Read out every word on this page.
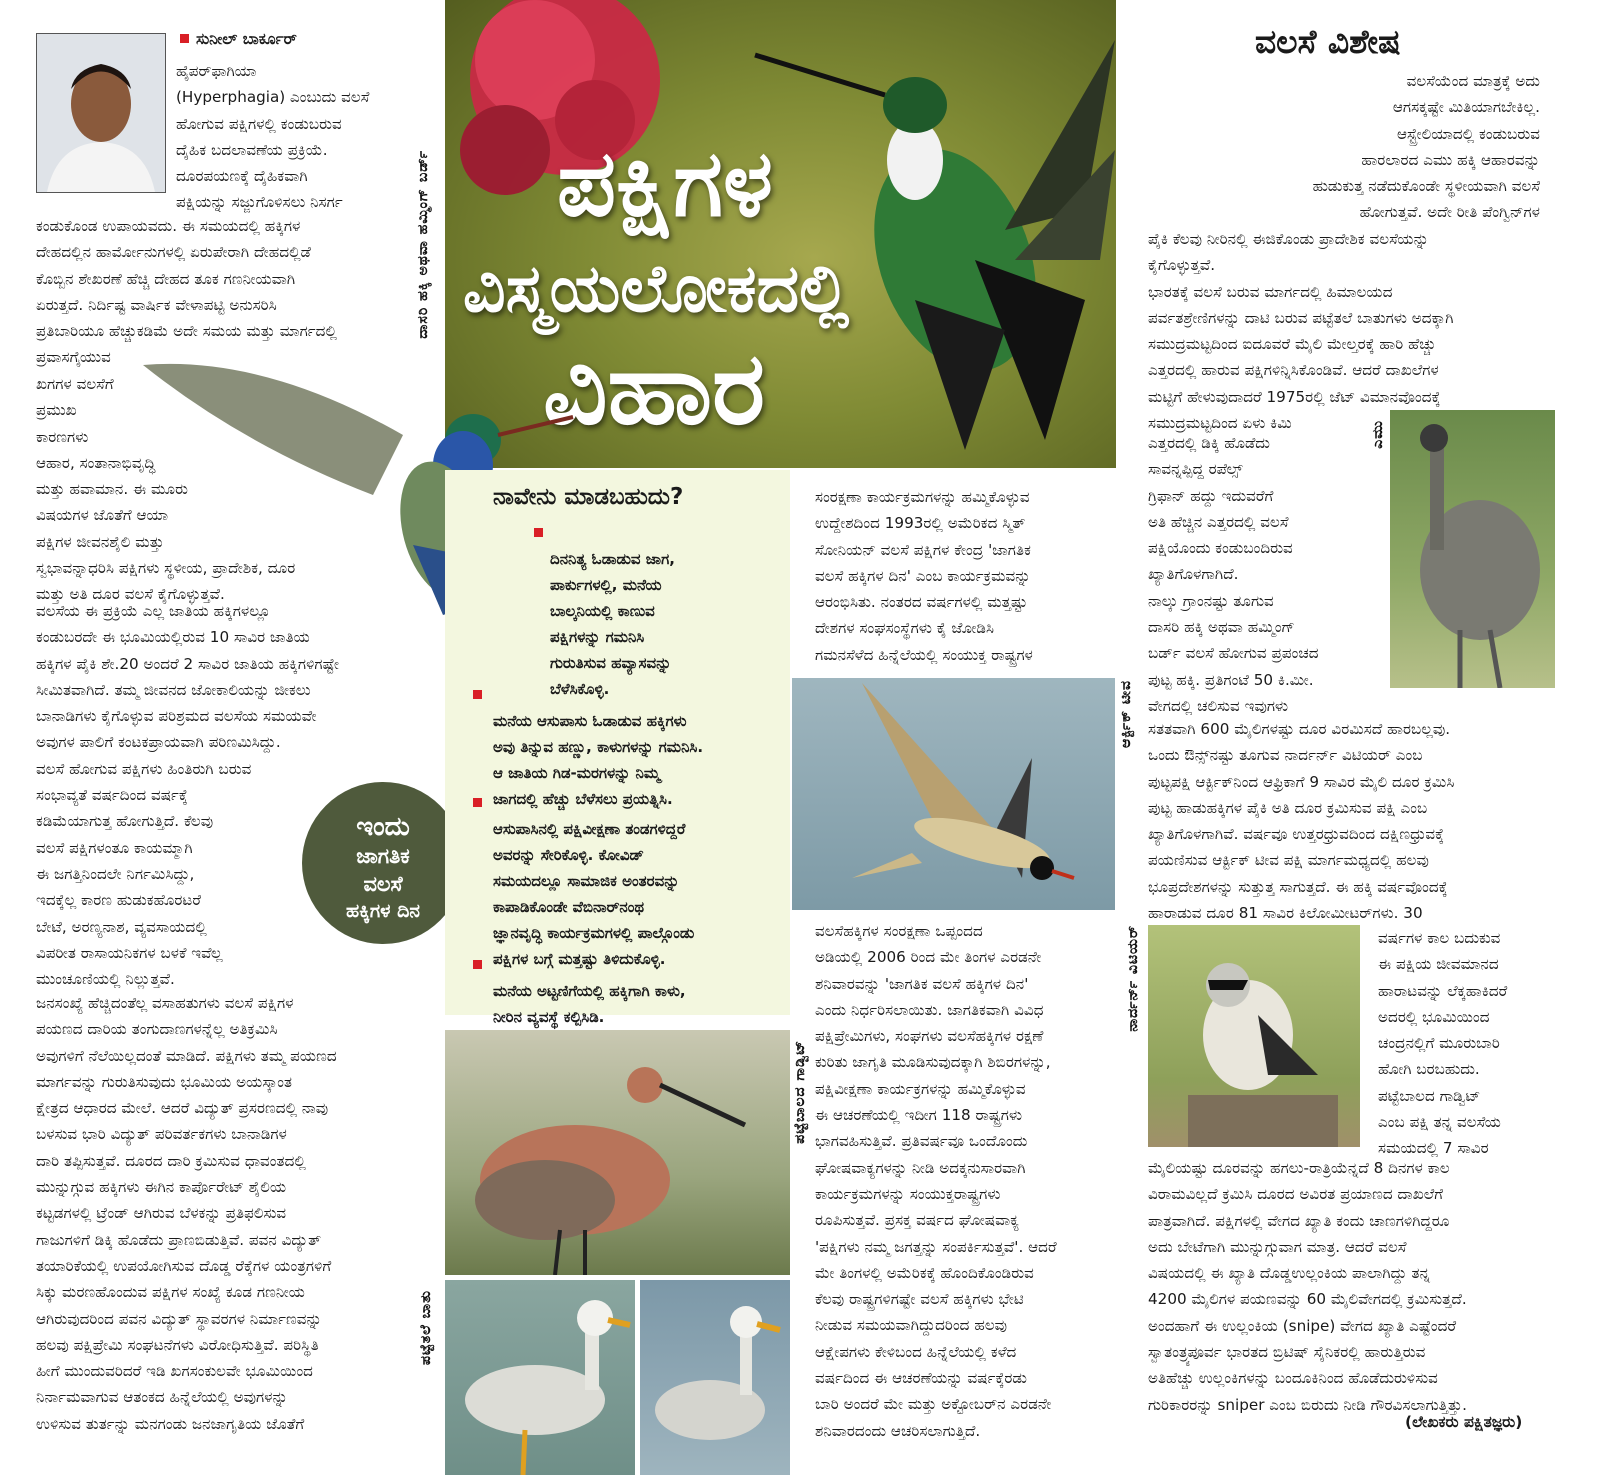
ಪಕ್ಷಿಗಳ
ವಿಸ್ಮಯಲೋಕದಲ್ಲಿ
ವಿಹಾರ
ದಾಸರಿ ಹಕ್ಕಿ ಅಥವಾ ಹಮ್ಮಿಂಗ್ ಬರ್ಡ್
ಸುನೀಲ್ ಬಾರ್ಕೂರ್

ಹೈಪರ್‌ಫಾಗಿಯಾ
(Hyperphagia) ಎಂಬುದು ವಲಸೆ
ಹೋಗುವ ಪಕ್ಷಿಗಳಲ್ಲಿ ಕಂಡುಬರುವ
ದೈಹಿಕ ಬದಲಾವಣೆಯ ಪ್ರಕ್ರಿಯೆ.
ದೂರಪಯಣಕ್ಕೆ ದೈಹಿಕವಾಗಿ
ಪಕ್ಷಿಯನ್ನು ಸಜ್ಜುಗೊಳಿಸಲು ನಿಸರ್ಗ

ಕಂಡುಕೊಂಡ ಉಪಾಯವದು. ಈ ಸಮಯದಲ್ಲಿ ಹಕ್ಕಿಗಳ
ದೇಹದಲ್ಲಿನ ಹಾರ್ಮೋನುಗಳಲ್ಲಿ ಏರುಪೇರಾಗಿ ದೇಹದಲ್ಲಿಡೆ
ಕೊಬ್ಬಿನ ಶೇಖರಣೆ ಹೆಚ್ಚಿ ದೇಹದ ತೂಕ ಗಣನೀಯವಾಗಿ
ಏರುತ್ತದೆ. ನಿರ್ದಿಷ್ಟ ವಾರ್ಷಿಕ ವೇಳಾಪಟ್ಟಿ ಅನುಸರಿಸಿ
ಪ್ರತಿಬಾರಿಯೂ ಹೆಚ್ಚುಕಡಿಮೆ ಅದೇ ಸಮಯ ಮತ್ತು ಮಾರ್ಗದಲ್ಲಿ
ಪ್ರವಾಸಗೈಯುವ

ಖಗಗಳ ವಲಸೆಗೆ
ಪ್ರಮುಖ
ಕಾರಣಗಳು
ಆಹಾರ, ಸಂತಾನಾಭಿವೃದ್ಧಿ
ಮತ್ತು ಹವಾಮಾನ. ಈ ಮೂರು
ವಿಷಯಗಳ ಜೊತೆಗೆ ಆಯಾ
ಪಕ್ಷಿಗಳ ಜೀವನಶೈಲಿ ಮತ್ತು
ಸ್ವಭಾವನ್ನಾಧರಿಸಿ ಪಕ್ಷಿಗಳು ಸ್ಥಳೀಯ, ಪ್ರಾದೇಶಿಕ, ದೂರ
ಮತ್ತು ಅತಿ ದೂರ ವಲಸೆ ಕೈಗೊಳ್ಳುತ್ತವೆ.

ವಲಸೆಯ ಈ ಪ್ರಕ್ರಿಯೆ ಎಲ್ಲ ಜಾತಿಯ ಹಕ್ಕಿಗಳಲ್ಲೂ
ಕಂಡುಬರದೇ ಈ ಭೂಮಿಯಲ್ಲಿರುವ 10 ಸಾವಿರ ಜಾತಿಯ
ಹಕ್ಕಿಗಳ ಪೈಕಿ ಶೇ.20 ಅಂದರೆ 2 ಸಾವಿರ ಜಾತಿಯ ಹಕ್ಕಿಗಳಿಗಷ್ಟೇ
ಸೀಮಿತವಾಗಿದೆ. ತಮ್ಮ ಜೀವನದ ಜೋಕಾಲಿಯನ್ನು ಜೀಕಲು
ಬಾನಾಡಿಗಳು ಕೈಗೊಳ್ಳುವ ಪರಿಶ್ರಮದ ವಲಸೆಯ ಸಮಯವೇ
ಅವುಗಳ ಪಾಲಿಗೆ ಕಂಟಕಪ್ರಾಯವಾಗಿ ಪರಿಣಮಿಸಿದ್ದು.
ವಲಸೆ ಹೋಗುವ ಪಕ್ಷಿಗಳು ಹಿಂತಿರುಗಿ ಬರುವ
ಸಂಭಾವ್ಯತೆ ವರ್ಷದಿಂದ ವರ್ಷಕ್ಕೆ
ಕಡಿಮೆಯಾಗುತ್ತ ಹೋಗುತ್ತಿದೆ. ಕೆಲವು
ವಲಸೆ ಪಕ್ಷಿಗಳಂತೂ ಕಾಯಮ್ಮಾಗಿ
ಈ ಜಗತ್ತಿನಿಂದಲೇ ನಿರ್ಗಮಿಸಿದ್ದು,
ಇದಕ್ಕೆಲ್ಲ ಕಾರಣ ಹುಡುಕಹೊರಟರೆ
ಬೇಟೆ, ಅರಣ್ಯನಾಶ, ವ್ಯವಸಾಯದಲ್ಲಿ
ವಿಪರೀತ ರಾಸಾಯನಿಕಗಳ ಬಳಕೆ ಇವೆಲ್ಲ
ಮುಂಚೂಣಿಯಲ್ಲಿ ನಿಲ್ಲುತ್ತವೆ.

ಜನಸಂಖ್ಯೆ ಹೆಚ್ಚಿದಂತೆಲ್ಲ ವಸಾಹತುಗಳು ವಲಸೆ ಪಕ್ಷಿಗಳ
ಪಯಣದ ದಾರಿಯ ತಂಗುದಾಣಗಳನ್ನೆಲ್ಲ ಅತಿಕ್ರಮಿಸಿ
ಅವುಗಳಿಗೆ ನೆಲೆಯಿಲ್ಲದಂತೆ ಮಾಡಿದೆ. ಪಕ್ಷಿಗಳು ತಮ್ಮ ಪಯಣದ
ಮಾರ್ಗವನ್ನು ಗುರುತಿಸುವುದು ಭೂಮಿಯ ಅಯಸ್ಕಾಂತ
ಕ್ಷೇತ್ರದ ಆಧಾರದ ಮೇಲೆ. ಆದರೆ ವಿದ್ಯುತ್ ಪ್ರಸರಣದಲ್ಲಿ ನಾವು
ಬಳಸುವ ಭಾರಿ ವಿದ್ಯುತ್ ಪರಿವರ್ತಕಗಳು ಬಾನಾಡಿಗಳ
ದಾರಿ ತಪ್ಪಿಸುತ್ತವೆ. ದೂರದ ದಾರಿ ಕ್ರಮಿಸುವ ಧಾವಂತದಲ್ಲಿ
ಮುನ್ನುಗ್ಗುವ ಹಕ್ಕಿಗಳು ಈಗಿನ ಕಾರ್ಪೊರೇಟ್ ಶೈಲಿಯ
ಕಟ್ಟಡಗಳಲ್ಲಿ ಟ್ರೆಂಡ್ ಆಗಿರುವ ಬೆಳಕನ್ನು ಪ್ರತಿಫಲಿಸುವ
ಗಾಜುಗಳಿಗೆ ಡಿಕ್ಕಿ ಹೊಡೆದು ಪ್ರಾಣಬಿಡುತ್ತಿವೆ. ಪವನ ವಿದ್ಯುತ್
ತಯಾರಿಕೆಯಲ್ಲಿ ಉಪಯೋಗಿಸುವ ದೊಡ್ಡ ರೆಕ್ಕೆಗಳ ಯಂತ್ರಗಳಿಗೆ
ಸಿಕ್ಕು ಮರಣಹೊಂದುವ ಪಕ್ಷಿಗಳ ಸಂಖ್ಯೆ ಕೂಡ ಗಣನೀಯ
ಆಗಿರುವುದರಿಂದ ಪವನ ವಿದ್ಯುತ್ ಸ್ಥಾವರಗಳ ನಿರ್ಮಾಣವನ್ನು
ಹಲವು ಪಕ್ಷಿಪ್ರೇಮಿ ಸಂಘಟನೆಗಳು ವಿರೋಧಿಸುತ್ತಿವೆ. ಪರಿಸ್ಥಿತಿ
ಹೀಗೆ ಮುಂದುವರಿದರೆ ಇಡಿ ಖಗಸಂಕುಲವೇ ಭೂಮಿಯಿಂದ
ನಿರ್ನಾಮವಾಗುವ ಆತಂಕದ ಹಿನ್ನೆಲೆಯಲ್ಲಿ ಅವುಗಳನ್ನು
ಉಳಿಸುವ ತುರ್ತನ್ನು ಮನಗಂಡು ಜನಜಾಗೃತಿಯ ಜೊತೆಗೆ

ಇಂದು
ಜಾಗತಿಕ
ವಲಸೆ
ಹಕ್ಕಿಗಳ ದಿನ
ನಾವೇನು ಮಾಡಬಹುದು?

ದಿನನಿತ್ಯ ಓಡಾಡುವ ಜಾಗ,
ಪಾರ್ಕುಗಳಲ್ಲಿ, ಮನೆಯ
ಬಾಲ್ಕನಿಯಲ್ಲಿ ಕಾಣುವ
ಪಕ್ಷಿಗಳನ್ನು ಗಮನಿಸಿ
ಗುರುತಿಸುವ ಹವ್ಯಾಸವನ್ನು
ಬೆಳೆಸಿಕೊಳ್ಳಿ.

ಮನೆಯ ಆಸುಪಾಸು ಓಡಾಡುವ ಹಕ್ಕಿಗಳು
ಅವು ತಿನ್ನುವ ಹಣ್ಣು, ಕಾಳುಗಳನ್ನು ಗಮನಿಸಿ.
ಆ ಜಾತಿಯ ಗಿಡ-ಮರಗಳನ್ನು ನಿಮ್ಮ
ಜಾಗದಲ್ಲಿ ಹೆಚ್ಚು ಬೆಳೆಸಲು ಪ್ರಯತ್ನಿಸಿ.

ಆಸುಪಾಸಿನಲ್ಲಿ ಪಕ್ಷಿವೀಕ್ಷಣಾ ತಂಡಗಳಿದ್ದರೆ
ಅವರನ್ನು ಸೇರಿಕೊಳ್ಳಿ. ಕೋವಿಡ್
ಸಮಯದಲ್ಲೂ ಸಾಮಾಜಿಕ ಅಂತರವನ್ನು
ಕಾಪಾಡಿಕೊಂಡೇ ವೆಬಿನಾರ್‌ನಂಥ
ಜ್ಞಾನವೃದ್ಧಿ ಕಾರ್ಯಕ್ರಮಗಳಲ್ಲಿ ಪಾಲ್ಗೊಂಡು
ಪಕ್ಷಿಗಳ ಬಗ್ಗೆ ಮತ್ತಷ್ಟು ತಿಳಿದುಕೊಳ್ಳಿ.

ಮನೆಯ ಅಟ್ಟಣಿಗೆಯಲ್ಲಿ ಹಕ್ಕಿಗಾಗಿ ಕಾಳು,
ನೀರಿನ ವ್ಯವಸ್ಥೆ ಕಲ್ಪಿಸಿಡಿ.

ಪಟ್ಟೆತಲೆ ಬಾತು
ಪಟ್ಟೆಬಾಲದ ಗಾಡ್ವಿಟ್

ಸಂರಕ್ಷಣಾ ಕಾರ್ಯಕ್ರಮಗಳನ್ನು ಹಮ್ಮಿಕೊಳ್ಳುವ
ಉದ್ದೇಶದಿಂದ 1993ರಲ್ಲಿ ಅಮೆರಿಕದ ಸ್ಮಿತ್
ಸೋನಿಯನ್ ವಲಸೆ ಪಕ್ಷಿಗಳ ಕೇಂದ್ರ 'ಜಾಗತಿಕ
ವಲಸೆ ಹಕ್ಕಿಗಳ ದಿನ' ಎಂಬ ಕಾರ್ಯಕ್ರಮವನ್ನು
ಆರಂಭಿಸಿತು. ನಂತರದ ವರ್ಷಗಳಲ್ಲಿ ಮತ್ತಷ್ಟು
ದೇಶಗಳ ಸಂಘಸಂಸ್ಥೆಗಳು ಕೈ ಜೋಡಿಸಿ
ಗಮನಸೆಳೆದ ಹಿನ್ನೆಲೆಯಲ್ಲಿ ಸಂಯುಕ್ತ ರಾಷ್ಟ್ರಗಳ

ಆರ್ಕ್ಟಿಕ್ ಟೀವ

ವಲಸೆಹಕ್ಕಿಗಳ ಸಂರಕ್ಷಣಾ ಒಪ್ಪಂದದ
ಅಡಿಯಲ್ಲಿ 2006 ರಿಂದ ಮೇ ತಿಂಗಳ ಎರಡನೇ
ಶನಿವಾರವನ್ನು 'ಜಾಗತಿಕ ವಲಸೆ ಹಕ್ಕಿಗಳ ದಿನ'
ಎಂದು ನಿರ್ಧರಿಸಲಾಯಿತು. ಜಾಗತಿಕವಾಗಿ ವಿವಿಧ
ಪಕ್ಷಿಪ್ರೇಮಿಗಳು, ಸಂಘಗಳು ವಲಸೆಹಕ್ಕಿಗಳ ರಕ್ಷಣೆ
ಕುರಿತು ಜಾಗೃತಿ ಮೂಡಿಸುವುದಕ್ಕಾಗಿ ಶಿಬಿರಗಳನ್ನು,
ಪಕ್ಷಿವೀಕ್ಷಣಾ ಕಾರ್ಯಕ್ರಗಳನ್ನು ಹಮ್ಮಿಕೊಳ್ಳುವ
ಈ ಆಚರಣೆಯಲ್ಲಿ ಇದೀಗ 118 ರಾಷ್ಟ್ರಗಳು
ಭಾಗವಹಿಸುತ್ತಿವೆ. ಪ್ರತಿವರ್ಷವೂ ಒಂದೊಂದು
ಘೋಷವಾಕ್ಯಗಳನ್ನು ನೀಡಿ ಅದಕ್ಕನುಸಾರವಾಗಿ
ಕಾರ್ಯಕ್ರಮಗಳನ್ನು ಸಂಯುಕ್ತರಾಷ್ಟ್ರಗಳು
ರೂಪಿಸುತ್ತವೆ. ಪ್ರಸಕ್ತ ವರ್ಷದ ಘೋಷವಾಕ್ಯ
'ಪಕ್ಷಿಗಳು ನಮ್ಮ ಜಗತ್ತನ್ನು ಸಂಪರ್ಕಿಸುತ್ತವೆ'. ಆದರೆ
ಮೇ ತಿಂಗಳಲ್ಲಿ ಅಮೆರಿಕಕ್ಕೆ ಹೊಂದಿಕೊಂಡಿರುವ
ಕೆಲವು ರಾಷ್ಟ್ರಗಳಿಗಷ್ಟೇ ವಲಸೆ ಹಕ್ಕಿಗಳು ಭೇಟಿ
ನೀಡುವ ಸಮಯವಾಗಿದ್ದುದರಿಂದ ಹಲವು
ಆಕ್ಷೇಪಗಳು ಕೇಳಿಬಂದ ಹಿನ್ನೆಲೆಯಲ್ಲಿ ಕಳೆದ
ವರ್ಷದಿಂದ ಈ ಆಚರಣೆಯನ್ನು ವರ್ಷಕ್ಕೆರಡು
ಬಾರಿ ಅಂದರೆ ಮೇ ಮತ್ತು ಅಕ್ಟೋಬರ್‌ನ ಎರಡನೇ
ಶನಿವಾರದಂದು ಆಚರಿಸಲಾಗುತ್ತಿದೆ.

ವಲಸೆ ವಿಶೇಷ

ವಲಸೆಯೆಂದ ಮಾತ್ರಕ್ಕೆ ಅದು
ಆಗಸಕ್ಕಷ್ಟೇ ಮಿತಿಯಾಗಬೇಕಿಲ್ಲ.
ಆಸ್ಟ್ರೇಲಿಯಾದಲ್ಲಿ ಕಂಡುಬರುವ
ಹಾರಲಾರದ ಎಮು ಹಕ್ಕಿ ಆಹಾರವನ್ನು
ಹುಡುಕುತ್ತ ನಡೆದುಕೊಂಡೇ ಸ್ಥಳೀಯವಾಗಿ ವಲಸೆ
ಹೋಗುತ್ತವೆ. ಅದೇ ರೀತಿ ಪೆಂಗ್ವಿನ್‌ಗಳ

ಪೈಕಿ ಕೆಲವು ನೀರಿನಲ್ಲಿ ಈಜಿಕೊಂಡು ಪ್ರಾದೇಶಿಕ ವಲಸೆಯನ್ನು
ಕೈಗೊಳ್ಳುತ್ತವೆ.
ಭಾರತಕ್ಕೆ ವಲಸೆ ಬರುವ ಮಾರ್ಗದಲ್ಲಿ ಹಿಮಾಲಯದ
ಪರ್ವತಶ್ರೇಣಿಗಳನ್ನು ದಾಟಿ ಬರುವ ಪಟ್ಟೆತಲೆ ಬಾತುಗಳು ಅದಕ್ಕಾಗಿ
ಸಮುದ್ರಮಟ್ಟದಿಂದ ಐದೂವರೆ ಮೈಲಿ ಮೇಲ್ತರಕ್ಕೆ ಹಾರಿ ಹೆಚ್ಚು
ಎತ್ತರದಲ್ಲಿ ಹಾರುವ ಪಕ್ಷಿಗಳಿನ್ನಿಸಿಕೊಂಡಿವೆ. ಆದರೆ ದಾಖಲೆಗಳ
ಮಟ್ಟಿಗೆ ಹೇಳುವುದಾದರೆ 1975ರಲ್ಲಿ ಜೆಟ್ ವಿಮಾನವೊಂದಕ್ಕೆ
ಸಮುದ್ರಮಟ್ಟದಿಂದ ಏಳು ಕಿಮಿ

ಎತ್ತರದಲ್ಲಿ ಡಿಕ್ಕಿ ಹೊಡೆದು
ಸಾವನ್ನಪ್ಪಿದ್ದ ರಪೆಲ್ಸ್
ಗ್ರಿಫಾನ್ ಹದ್ದು ಇದುವರೆಗೆ
ಅತಿ ಹೆಚ್ಚಿನ ಎತ್ತರದಲ್ಲಿ ವಲಸೆ
ಪಕ್ಷಿಯೊಂದು ಕಂಡುಬಂದಿರುವ
ಖ್ಯಾತಿಗೊಳಗಾಗಿದೆ.
ನಾಲ್ಕು ಗ್ರಾಂನಷ್ಟು ತೂಗುವ
ದಾಸರಿ ಹಕ್ಕಿ ಅಥವಾ ಹಮ್ಮಿಂಗ್
ಬರ್ಡ್ ವಲಸೆ ಹೋಗುವ ಪ್ರಪಂಚದ
ಪುಟ್ಟ ಹಕ್ಕಿ. ಪ್ರತಿಗಂಟೆ 50 ಕಿ.ಮೀ.
ವೇಗದಲ್ಲಿ ಚಲಿಸುವ ಇವುಗಳು

ಎಮು

ಸತತವಾಗಿ 600 ಮೈಲಿಗಳಷ್ಟು ದೂರ ವಿರಮಿಸದೆ ಹಾರಬಲ್ಲವು.
ಒಂದು ಔನ್ಸ್‌ನಷ್ಟು ತೂಗುವ ನಾರ್ದರ್ನ್ ವಿಟಿಯರ್ ಎಂಬ
ಪುಟ್ಟಪಕ್ಷಿ ಆರ್ಕ್ಟಿಕ್‌ನಿಂದ ಆಫ್ರಿಕಾಗೆ 9 ಸಾವಿರ ಮೈಲಿ ದೂರ ಕ್ರಮಿಸಿ
ಪುಟ್ಟ ಹಾಡುಹಕ್ಕಿಗಳ ಪೈಕಿ ಅತಿ ದೂರ ಕ್ರಮಿಸುವ ಪಕ್ಷಿ ಎಂಬ
ಖ್ಯಾತಿಗೊಳಗಾಗಿವೆ. ವರ್ಷವೂ ಉತ್ತರಧ್ರುವದಿಂದ ದಕ್ಷಿಣಧ್ರುವಕ್ಕೆ
ಪಯಣಿಸುವ ಆರ್ಕ್ಟಿಕ್ ಟೀವ ಪಕ್ಷಿ ಮಾರ್ಗಮಧ್ಯದಲ್ಲಿ ಹಲವು
ಭೂಪ್ರದೇಶಗಳನ್ನು ಸುತ್ತುತ್ತ ಸಾಗುತ್ತದೆ. ಈ ಹಕ್ಕಿ ವರ್ಷವೊಂದಕ್ಕೆ
ಹಾರಾಡುವ ದೂರ 81 ಸಾವಿರ ಕಿಲೋಮೀಟರ್‌ಗಳು. 30

ನಾರ್ದರ್ನ್ ವಿಟಿಯರ್	ವರ್ಷಗಳ ಕಾಲ ಬದುಕುವ
ಈ ಪಕ್ಷಿಯ ಜೀವಮಾನದ
ಹಾರಾಟವನ್ನು ಲೆಕ್ಕಹಾಕಿದರೆ
ಅದರಲ್ಲಿ ಭೂಮಿಯಿಂದ
ಚಂದ್ರನಲ್ಲಿಗೆ ಮೂರುಬಾರಿ
ಹೋಗಿ ಬರಬಹುದು.
ಪಟ್ಟೆಬಾಲದ ಗಾಡ್ವಿಟ್
ಎಂಬ ಪಕ್ಷಿ ತನ್ನ ವಲಸೆಯ
ಸಮಯದಲ್ಲಿ 7 ಸಾವಿರ

ಮೈಲಿಯಷ್ಟು ದೂರವನ್ನು ಹಗಲು-ರಾತ್ರಿಯೆನ್ನದೆ 8 ದಿನಗಳ ಕಾಲ
ವಿರಾಮವಿಲ್ಲದೆ ಕ್ರಮಿಸಿ ದೂರದ ಅವಿರತ ಪ್ರಯಾಣದ ದಾಖಲೆಗೆ
ಪಾತ್ರವಾಗಿದೆ. ಪಕ್ಷಿಗಳಲ್ಲಿ ವೇಗದ ಖ್ಯಾತಿ ಕಂದು ಚಾಣಗಳಿಗಿದ್ದರೂ
ಅದು ಬೇಟೆಗಾಗಿ ಮುನ್ನುಗ್ಗುವಾಗ ಮಾತ್ರ. ಆದರೆ ವಲಸೆ
ವಿಷಯದಲ್ಲಿ ಈ ಖ್ಯಾತಿ ದೊಡ್ಡಉಲ್ಲಂಕಿಯ ಪಾಲಾಗಿದ್ದು ತನ್ನ
4200 ಮೈಲಿಗಳ ಪಯಣವನ್ನು 60 ಮೈಲಿವೇಗದಲ್ಲಿ ಕ್ರಮಿಸುತ್ತದೆ.
ಅಂದಹಾಗೆ ಈ ಉಲ್ಲಂಕಿಯ (snipe) ವೇಗದ ಖ್ಯಾತಿ ಎಷ್ಟೆಂದರೆ
ಸ್ವಾತಂತ್ರ್ಯಪೂರ್ವ ಭಾರತದ ಬ್ರಿಟಿಷ್ ಸೈನಿಕರಲ್ಲಿ ಹಾರುತ್ತಿರುವ
ಅತಿಹೆಚ್ಚು ಉಲ್ಲಂಕಿಗಳನ್ನು ಬಂದೂಕಿನಿಂದ ಹೊಡೆದುರುಳಿಸುವ
ಗುರಿಕಾರರನ್ನು sniper ಎಂಬ ಬಿರುದು ನೀಡಿ ಗೌರವಿಸಲಾಗುತ್ತಿತ್ತು.

(ಲೇಖಕರು ಪಕ್ಷಿತಜ್ಞರು)
